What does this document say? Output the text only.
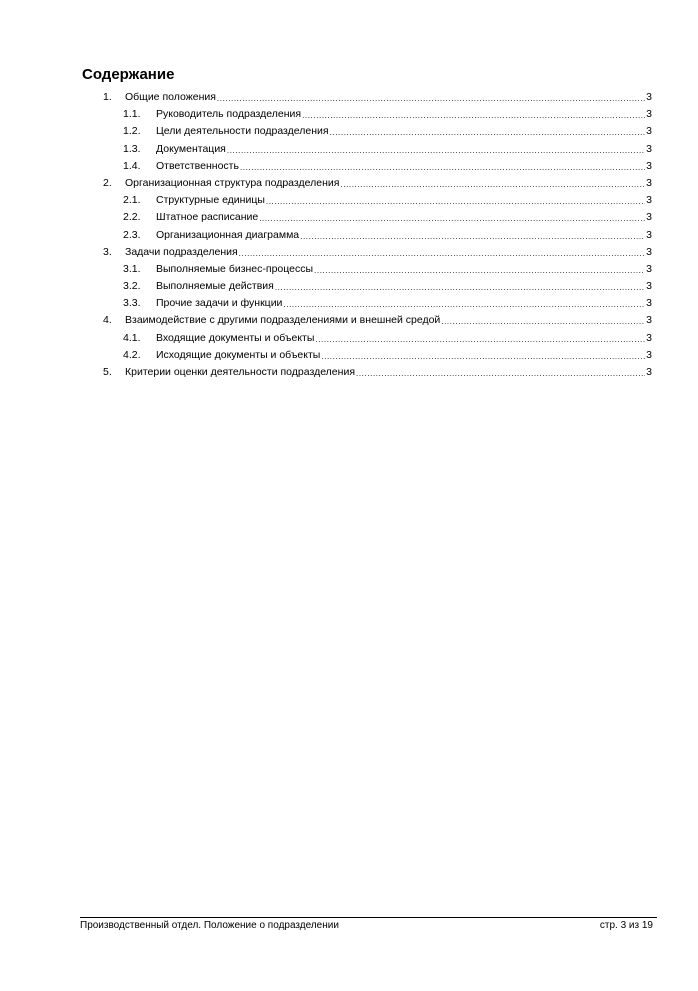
Содержание
1.	Общие положения .....	3
1.1.	Руководитель подразделения .....	3
1.2.	Цели деятельности подразделения .....	3
1.3.	Документация .....	3
1.4.	Ответственность .....	3
2.	Организационная структура подразделения .....	3
2.1.	Структурные единицы .....	3
2.2.	Штатное расписание .....	3
2.3.	Организационная диаграмма .....	3
3.	Задачи подразделения .....	3
3.1.	Выполняемые бизнес-процессы .....	3
3.2.	Выполняемые действия .....	3
3.3.	Прочие задачи и функции .....	3
4.	Взаимодействие с другими подразделениями и внешней средой .....	3
4.1.	Входящие документы и объекты .....	3
4.2.	Исходящие документы и объекты .....	3
5.	Критерии оценки деятельности подразделения .....	3
Производственный отдел. Положение о подразделении	стр. 3 из 19
